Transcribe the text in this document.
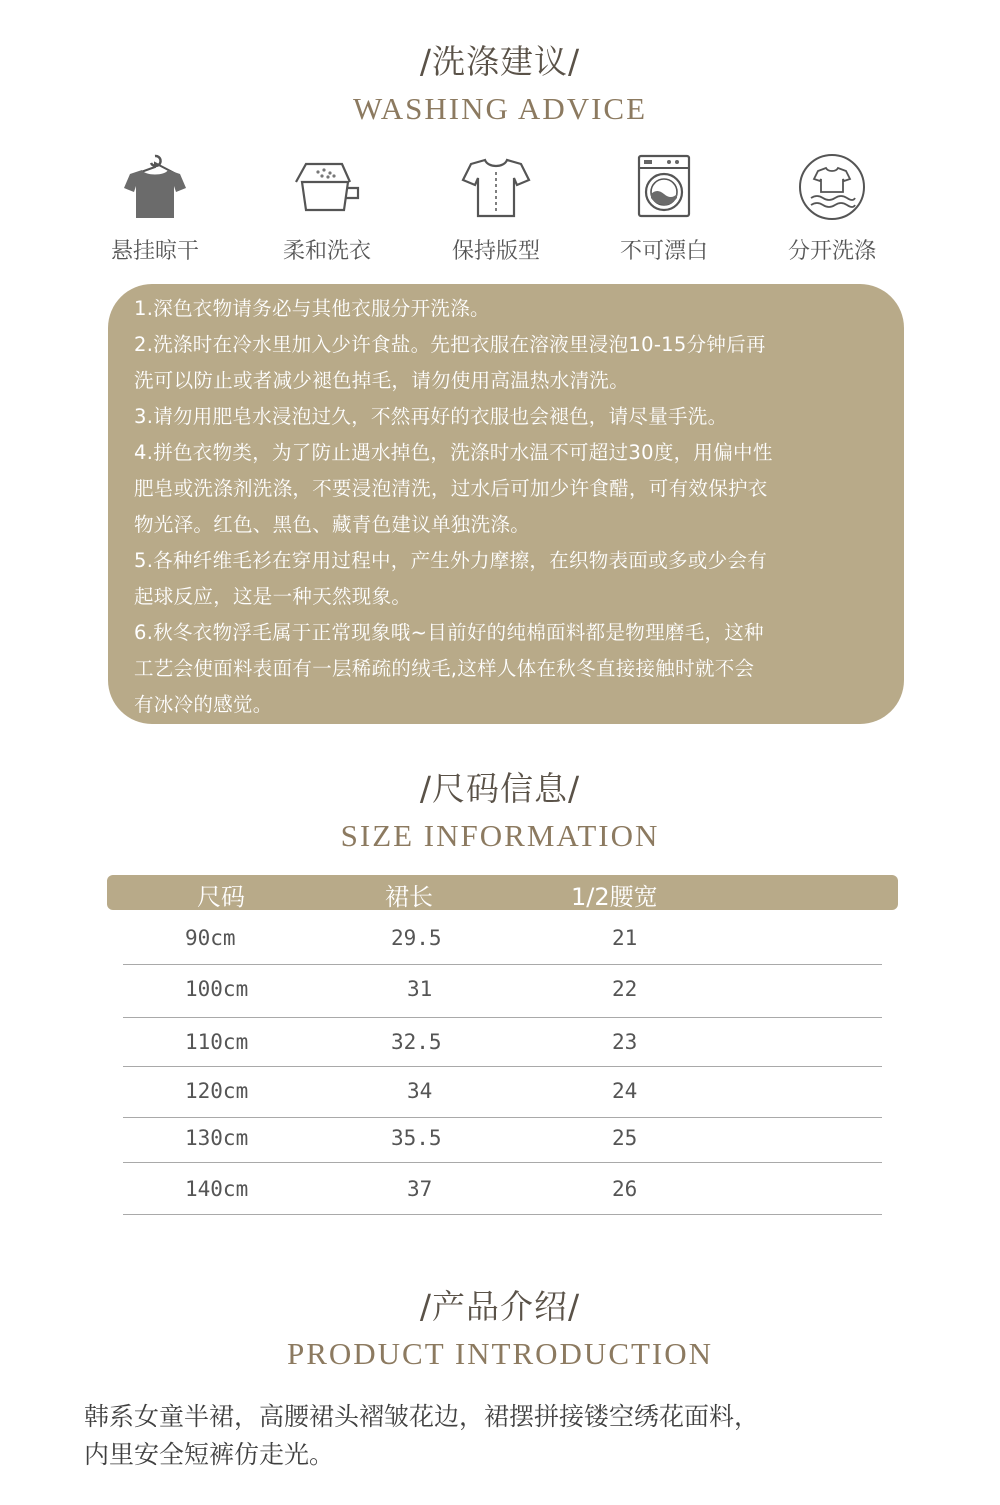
/洗涤建议/
WASHING ADVICE
悬挂晾干	柔和洗衣	保持版型	不可漂白	分开洗涤
1.深色衣物请务必与其他衣服分开洗涤。
2.洗涤时在冷水里加入少许食盐。先把衣服在溶液里浸泡10-15分钟后再
洗可以防止或者减少褪色掉毛，请勿使用高温热水清洗。
3.请勿用肥皂水浸泡过久，不然再好的衣服也会褪色，请尽量手洗。
4.拼色衣物类，为了防止遇水掉色，洗涤时水温不可超过30度，用偏中性
肥皂或洗涤剂洗涤，不要浸泡清洗，过水后可加少许食醋，可有效保护衣
物光泽。红色、黑色、藏青色建议单独洗涤。
5.各种纤维毛衫在穿用过程中，产生外力摩擦，在织物表面或多或少会有
起球反应，这是一种天然现象。
6.秋冬衣物浮毛属于正常现象哦~目前好的纯棉面料都是物理磨毛，这种
工艺会使面料表面有一层稀疏的绒毛,这样人体在秋冬直接接触时就不会
有冰冷的感觉。
/尺码信息/
SIZE INFORMATION
尺码	裙长	1/2腰宽
90cm	29.5	21
100cm	31	22
110cm	32.5	23
120cm	34	24
130cm	35.5	25
140cm	37	26
/产品介绍/
PRODUCT INTRODUCTION
韩系女童半裙，高腰裙头褶皱花边，裙摆拼接镂空绣花面料，
内里安全短裤仿走光。
